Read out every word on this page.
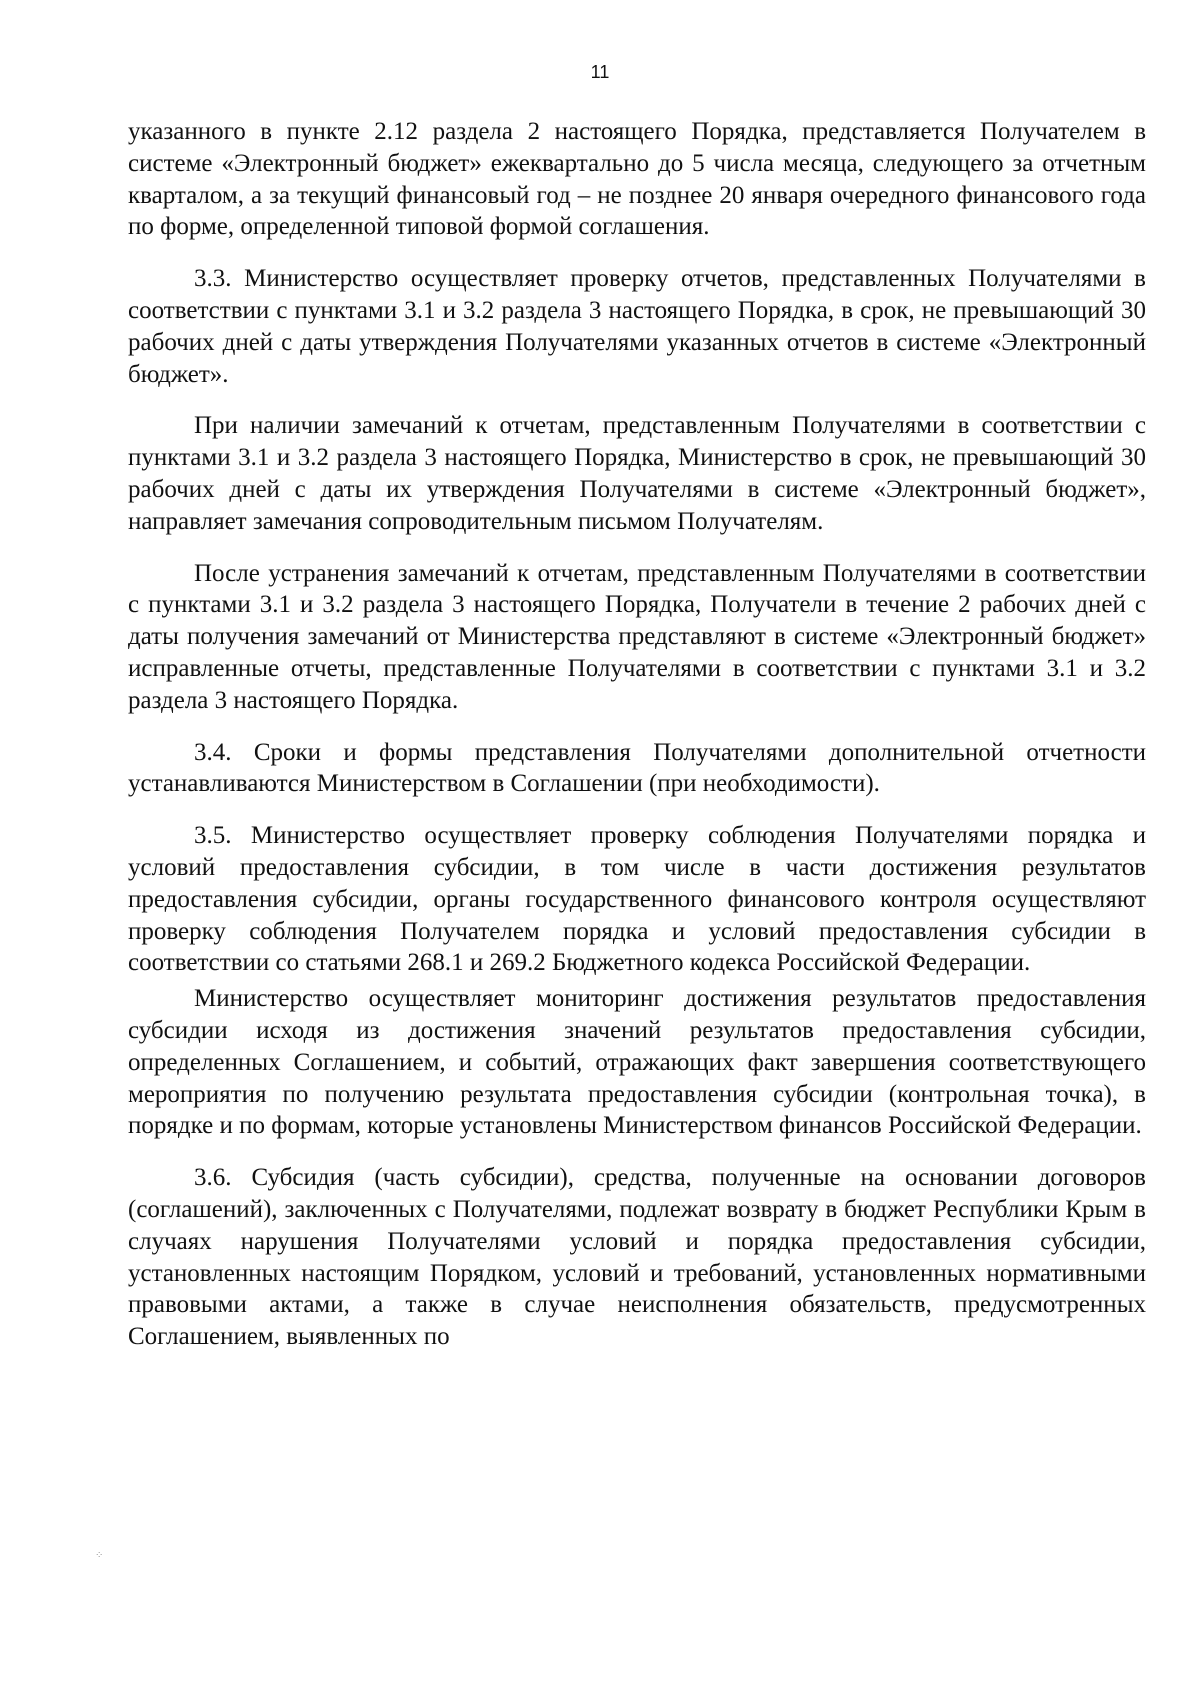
11

указанного в пункте 2.12 раздела 2 настоящего Порядка, представляется Получателем в системе «Электронный бюджет» ежеквартально до 5 числа месяца, следующего за отчетным кварталом, а за текущий финансовый год – не позднее 20 января очередного финансового года по форме, определенной типовой формой соглашения.

3.3. Министерство осуществляет проверку отчетов, представленных Получателями в соответствии с пунктами 3.1 и 3.2 раздела 3 настоящего Порядка, в срок, не превышающий 30 рабочих дней с даты утверждения Получателями указанных отчетов в системе «Электронный бюджет».

При наличии замечаний к отчетам, представленным Получателями в соответствии с пунктами 3.1 и 3.2 раздела 3 настоящего Порядка, Министерство в срок, не превышающий 30 рабочих дней с даты их утверждения Получателями в системе «Электронный бюджет», направляет замечания сопроводительным письмом Получателям.

После устранения замечаний к отчетам, представленным Получателями в соответствии с пунктами 3.1 и 3.2 раздела 3 настоящего Порядка, Получатели в течение 2 рабочих дней с даты получения замечаний от Министерства представляют в системе «Электронный бюджет» исправленные отчеты, представленные Получателями в соответствии с пунктами 3.1 и 3.2 раздела 3 настоящего Порядка.

3.4. Сроки и формы представления Получателями дополнительной отчетности устанавливаются Министерством в Соглашении (при необходимости).

3.5. Министерство осуществляет проверку соблюдения Получателями порядка и условий предоставления субсидии, в том числе в части достижения результатов предоставления субсидии, органы государственного финансового контроля осуществляют проверку соблюдения Получателем порядка и условий предоставления субсидии в соответствии со статьями 268.1 и 269.2 Бюджетного кодекса Российской Федерации.

Министерство осуществляет мониторинг достижения результатов предоставления субсидии исходя из достижения значений результатов предоставления субсидии, определенных Соглашением, и событий, отражающих факт завершения соответствующего мероприятия по получению результата предоставления субсидии (контрольная точка), в порядке и по формам, которые установлены Министерством финансов Российской Федерации.

3.6. Субсидия (часть субсидии), средства, полученные на основании договоров (соглашений), заключенных с Получателями, подлежат возврату в бюджет Республики Крым в случаях нарушения Получателями условий и порядка предоставления субсидии, установленных настоящим Порядком, условий и требований, установленных нормативными правовыми актами, а также в случае неисполнения обязательств, предусмотренных Соглашением, выявленных по

⁘
